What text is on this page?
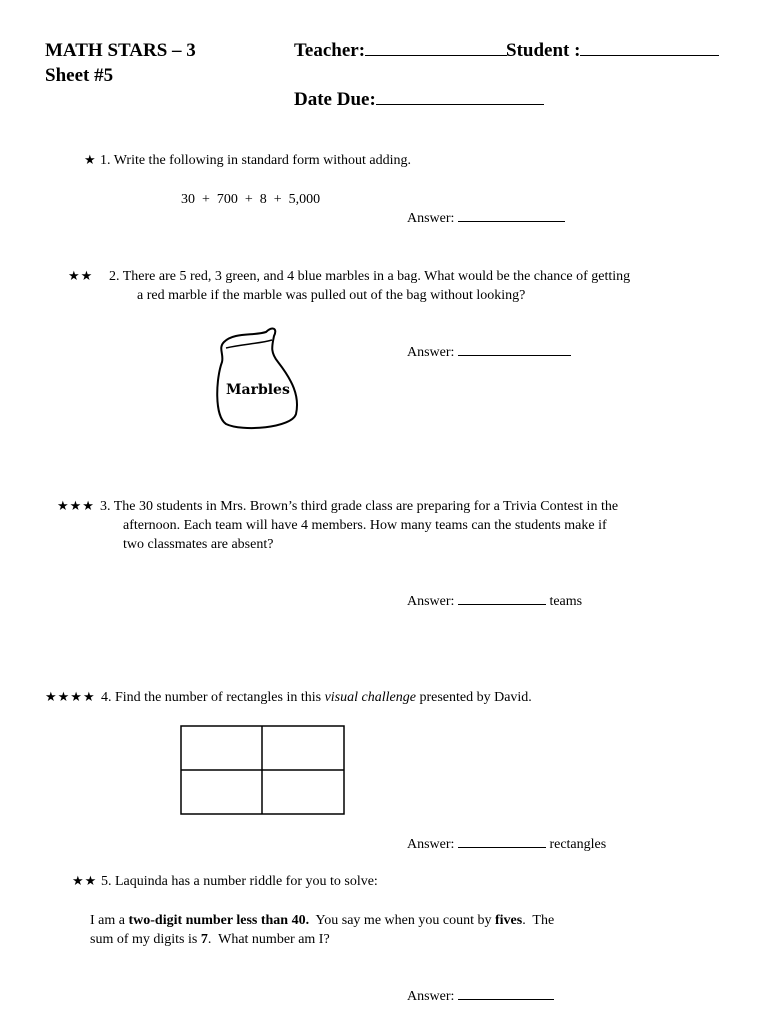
MATH STARS – 3
Sheet #5
Teacher:	Student :
Date Due:
★ 1. Write the following in standard form without adding.
30  +  700  +  8  +  5,000
Answer:
★★ 2. There are 5 red, 3 green, and 4 blue marbles in a bag. What would be the chance of getting
a red marble if the marble was pulled out of the bag without looking?
Marbles
Answer:
★★★ 3. The 30 students in Mrs. Brown’s third grade class are preparing for a Trivia Contest in the
afternoon. Each team will have 4 members. How many teams can the students make if
two classmates are absent?
Answer:	teams
★★★★ 4. Find the number of rectangles in this visual challenge presented by David.
Answer:	rectangles
★★ 5. Laquinda has a number riddle for you to solve:
I am a two-digit number less than 40.  You say me when you count by fives.  The
sum of my digits is 7.  What number am I?
Answer:
